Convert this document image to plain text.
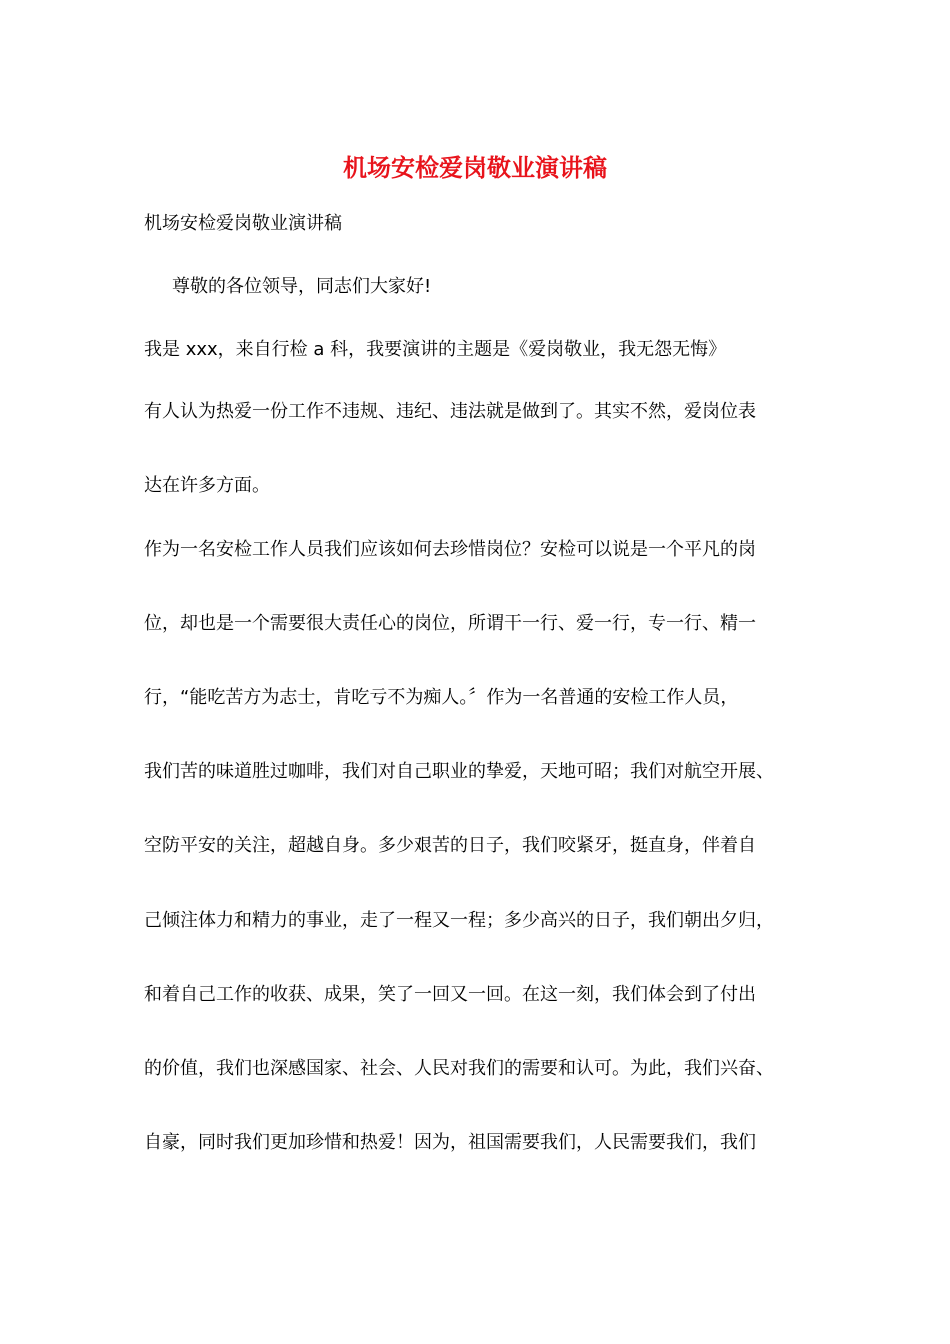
机场安检爱岗敬业演讲稿
机场安检爱岗敬业演讲稿
尊敬的各位领导，同志们大家好!
我是 xxx，来自行检 a 科，我要演讲的主题是《爱岗敬业，我无怨无悔》
有人认为热爱一份工作不违规、违纪、违法就是做到了。其实不然，爱岗位表
达在许多方面。
作为一名安检工作人员我们应该如何去珍惜岗位？安检可以说是一个平凡的岗
位，却也是一个需要很大责任心的岗位，所谓干一行、爱一行，专一行、精一
行，“能吃苦方为志士，肯吃亏不为痴人。〞作为一名普通的安检工作人员，
我们苦的味道胜过咖啡，我们对自己职业的挚爱，天地可昭；我们对航空开展、
空防平安的关注，超越自身。多少艰苦的日子，我们咬紧牙，挺直身，伴着自
己倾注体力和精力的事业，走了一程又一程；多少高兴的日子，我们朝出夕归，
和着自己工作的收获、成果，笑了一回又一回。在这一刻，我们体会到了付出
的价值，我们也深感国家、社会、人民对我们的需要和认可。为此，我们兴奋、
自豪，同时我们更加珍惜和热爱！因为，祖国需要我们，人民需要我们，我们
